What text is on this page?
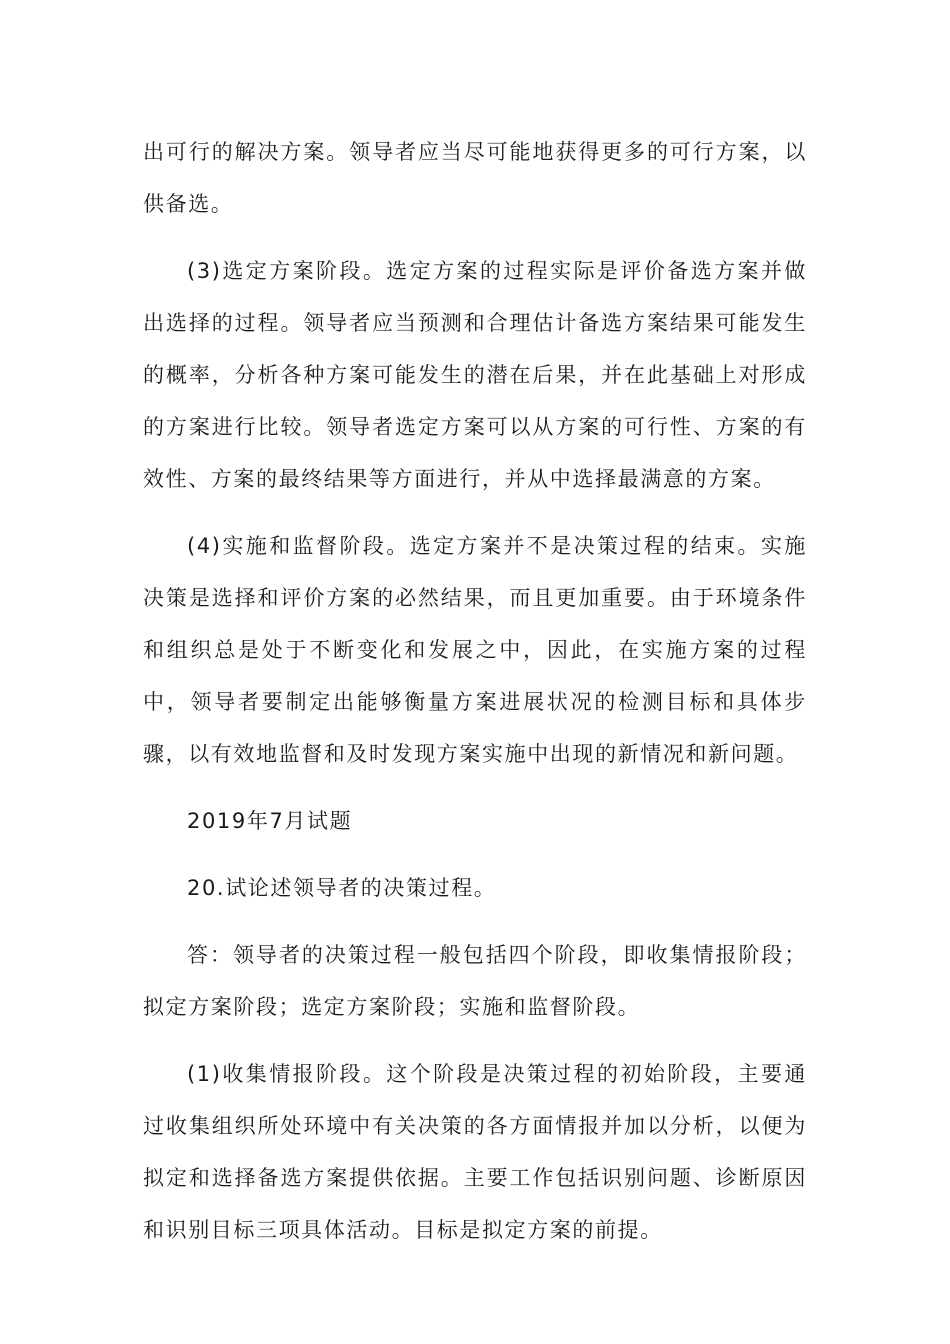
出可行的解决方案。领导者应当尽可能地获得更多的可行方案，以供备选。

(3)选定方案阶段。选定方案的过程实际是评价备选方案并做出选择的过程。领导者应当预测和合理估计备选方案结果可能发生的概率，分析各种方案可能发生的潜在后果，并在此基础上对形成的方案进行比较。领导者选定方案可以从方案的可行性、方案的有效性、方案的最终结果等方面进行，并从中选择最满意的方案。

(4)实施和监督阶段。选定方案并不是决策过程的结束。实施决策是选择和评价方案的必然结果，而且更加重要。由于环境条件和组织总是处于不断变化和发展之中，因此，在实施方案的过程中，领导者要制定出能够衡量方案进展状况的检测目标和具体步骤，以有效地监督和及时发现方案实施中出现的新情况和新问题。

2019年7月试题

20.试论述领导者的决策过程。

答：领导者的决策过程一般包括四个阶段，即收集情报阶段；拟定方案阶段；选定方案阶段；实施和监督阶段。

(1)收集情报阶段。这个阶段是决策过程的初始阶段，主要通过收集组织所处环境中有关决策的各方面情报并加以分析，以便为拟定和选择备选方案提供依据。主要工作包括识别问题、诊断原因和识别目标三项具体活动。目标是拟定方案的前提。
